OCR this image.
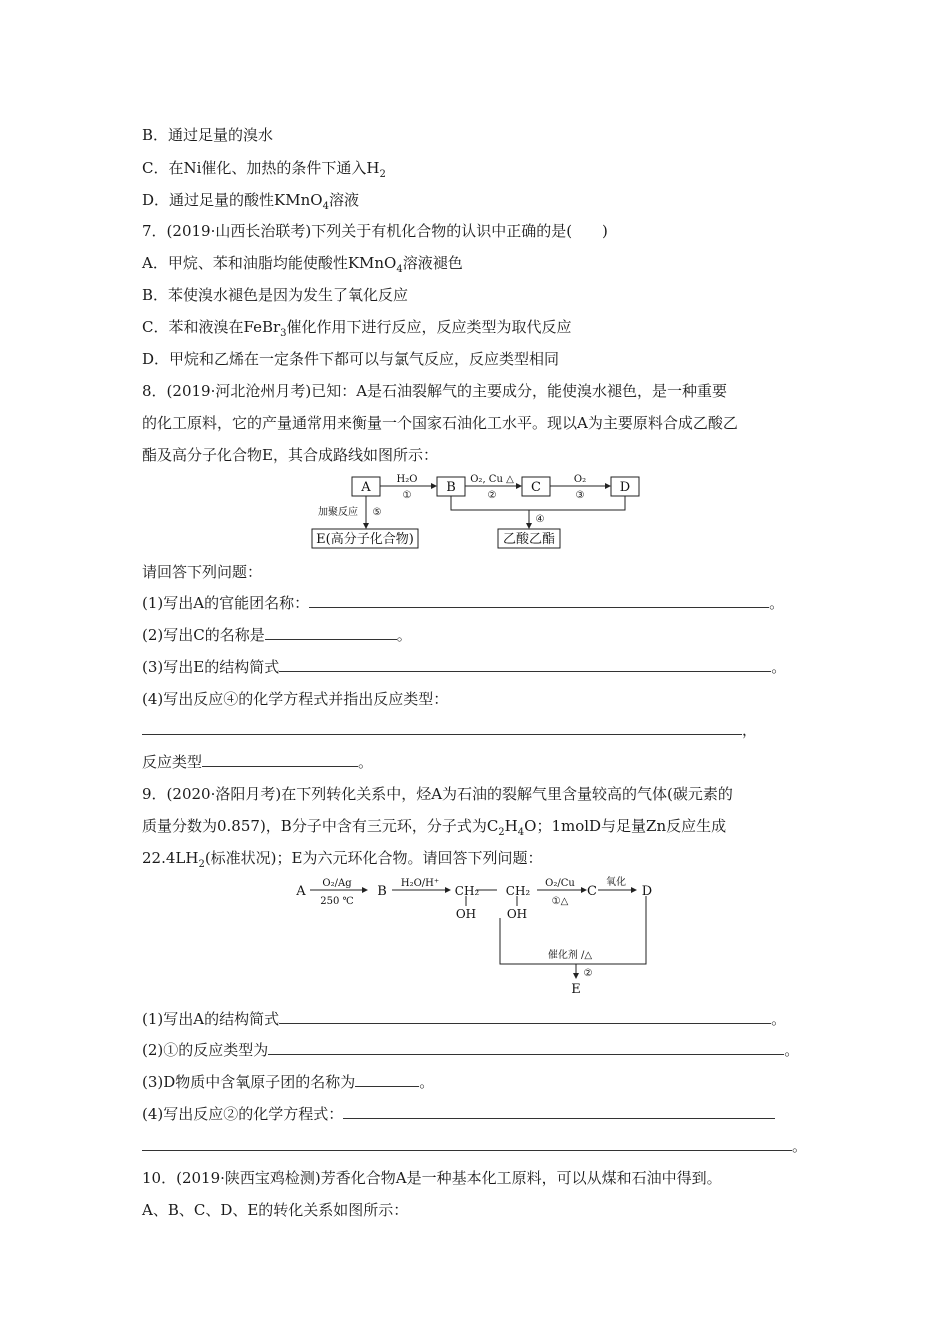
B．通过足量的溴水
C．在Ni催化、加热的条件下通入$H_2$
D．通过足量的酸性KMnO$_4$溶液
7．(2019·山西长治联考)下列关于有机化合物的认识中正确的是(　　)
A．甲烷、苯和油脂均能使酸性KMnO$_4$溶液褪色
B．苯使溴水褪色是因为发生了氧化反应
C．苯和液溴在FeBr$_3$催化作用下进行反应，反应类型为取代反应
D．甲烷和乙烯在一定条件下都可以与氯气反应，反应类型相同
8．(2019·河北沧州月考)已知：A是石油裂解气的主要成分，能使溴水褪色，是一种重要
的化工原料，它的产量通常用来衡量一个国家石油化工水平。现以A为主要原料合成乙酸乙
酯及高分子化合物E，其合成路线如图所示：
A	B	C	D
E(高分子化合物)	乙酸乙酯
H₂O
①
O₂, Cu △
②
O₂
③
④
加聚反应 ⑤
请回答下列问题：
(1)写出A的官能团名称：	。
(2)写出C的名称是	。
(3)写出E的结构简式	。
(4)写出反应④的化学方程式并指出反应类型：
，
反应类型	。
9．(2020·洛阳月考)在下列转化关系中，烃A为石油的裂解气里含量较高的气体(碳元素的
质量分数为0.857)，B分子中含有三元环，分子式为$C_2H_4O$；1molD与足量Zn反应生成
$22.4LH_2$(标准状况)；E为六元环化合物。请回答下列问题：
A	B	C	D
E
CH₂ CH₂
OH	OH
O₂/Ag
250 ℃
H₂O/H⁺	O₂/Cu
①△
氧化
催化剂 /△
②
(1)写出A的结构简式	。
(2)①的反应类型为	。
(3)D物质中含氧原子团的名称为	。
(4)写出反应②的化学方程式：
。
10．(2019·陕西宝鸡检测)芳香化合物A是一种基本化工原料，可以从煤和石油中得到。
A、B、C、D、E的转化关系如图所示：
